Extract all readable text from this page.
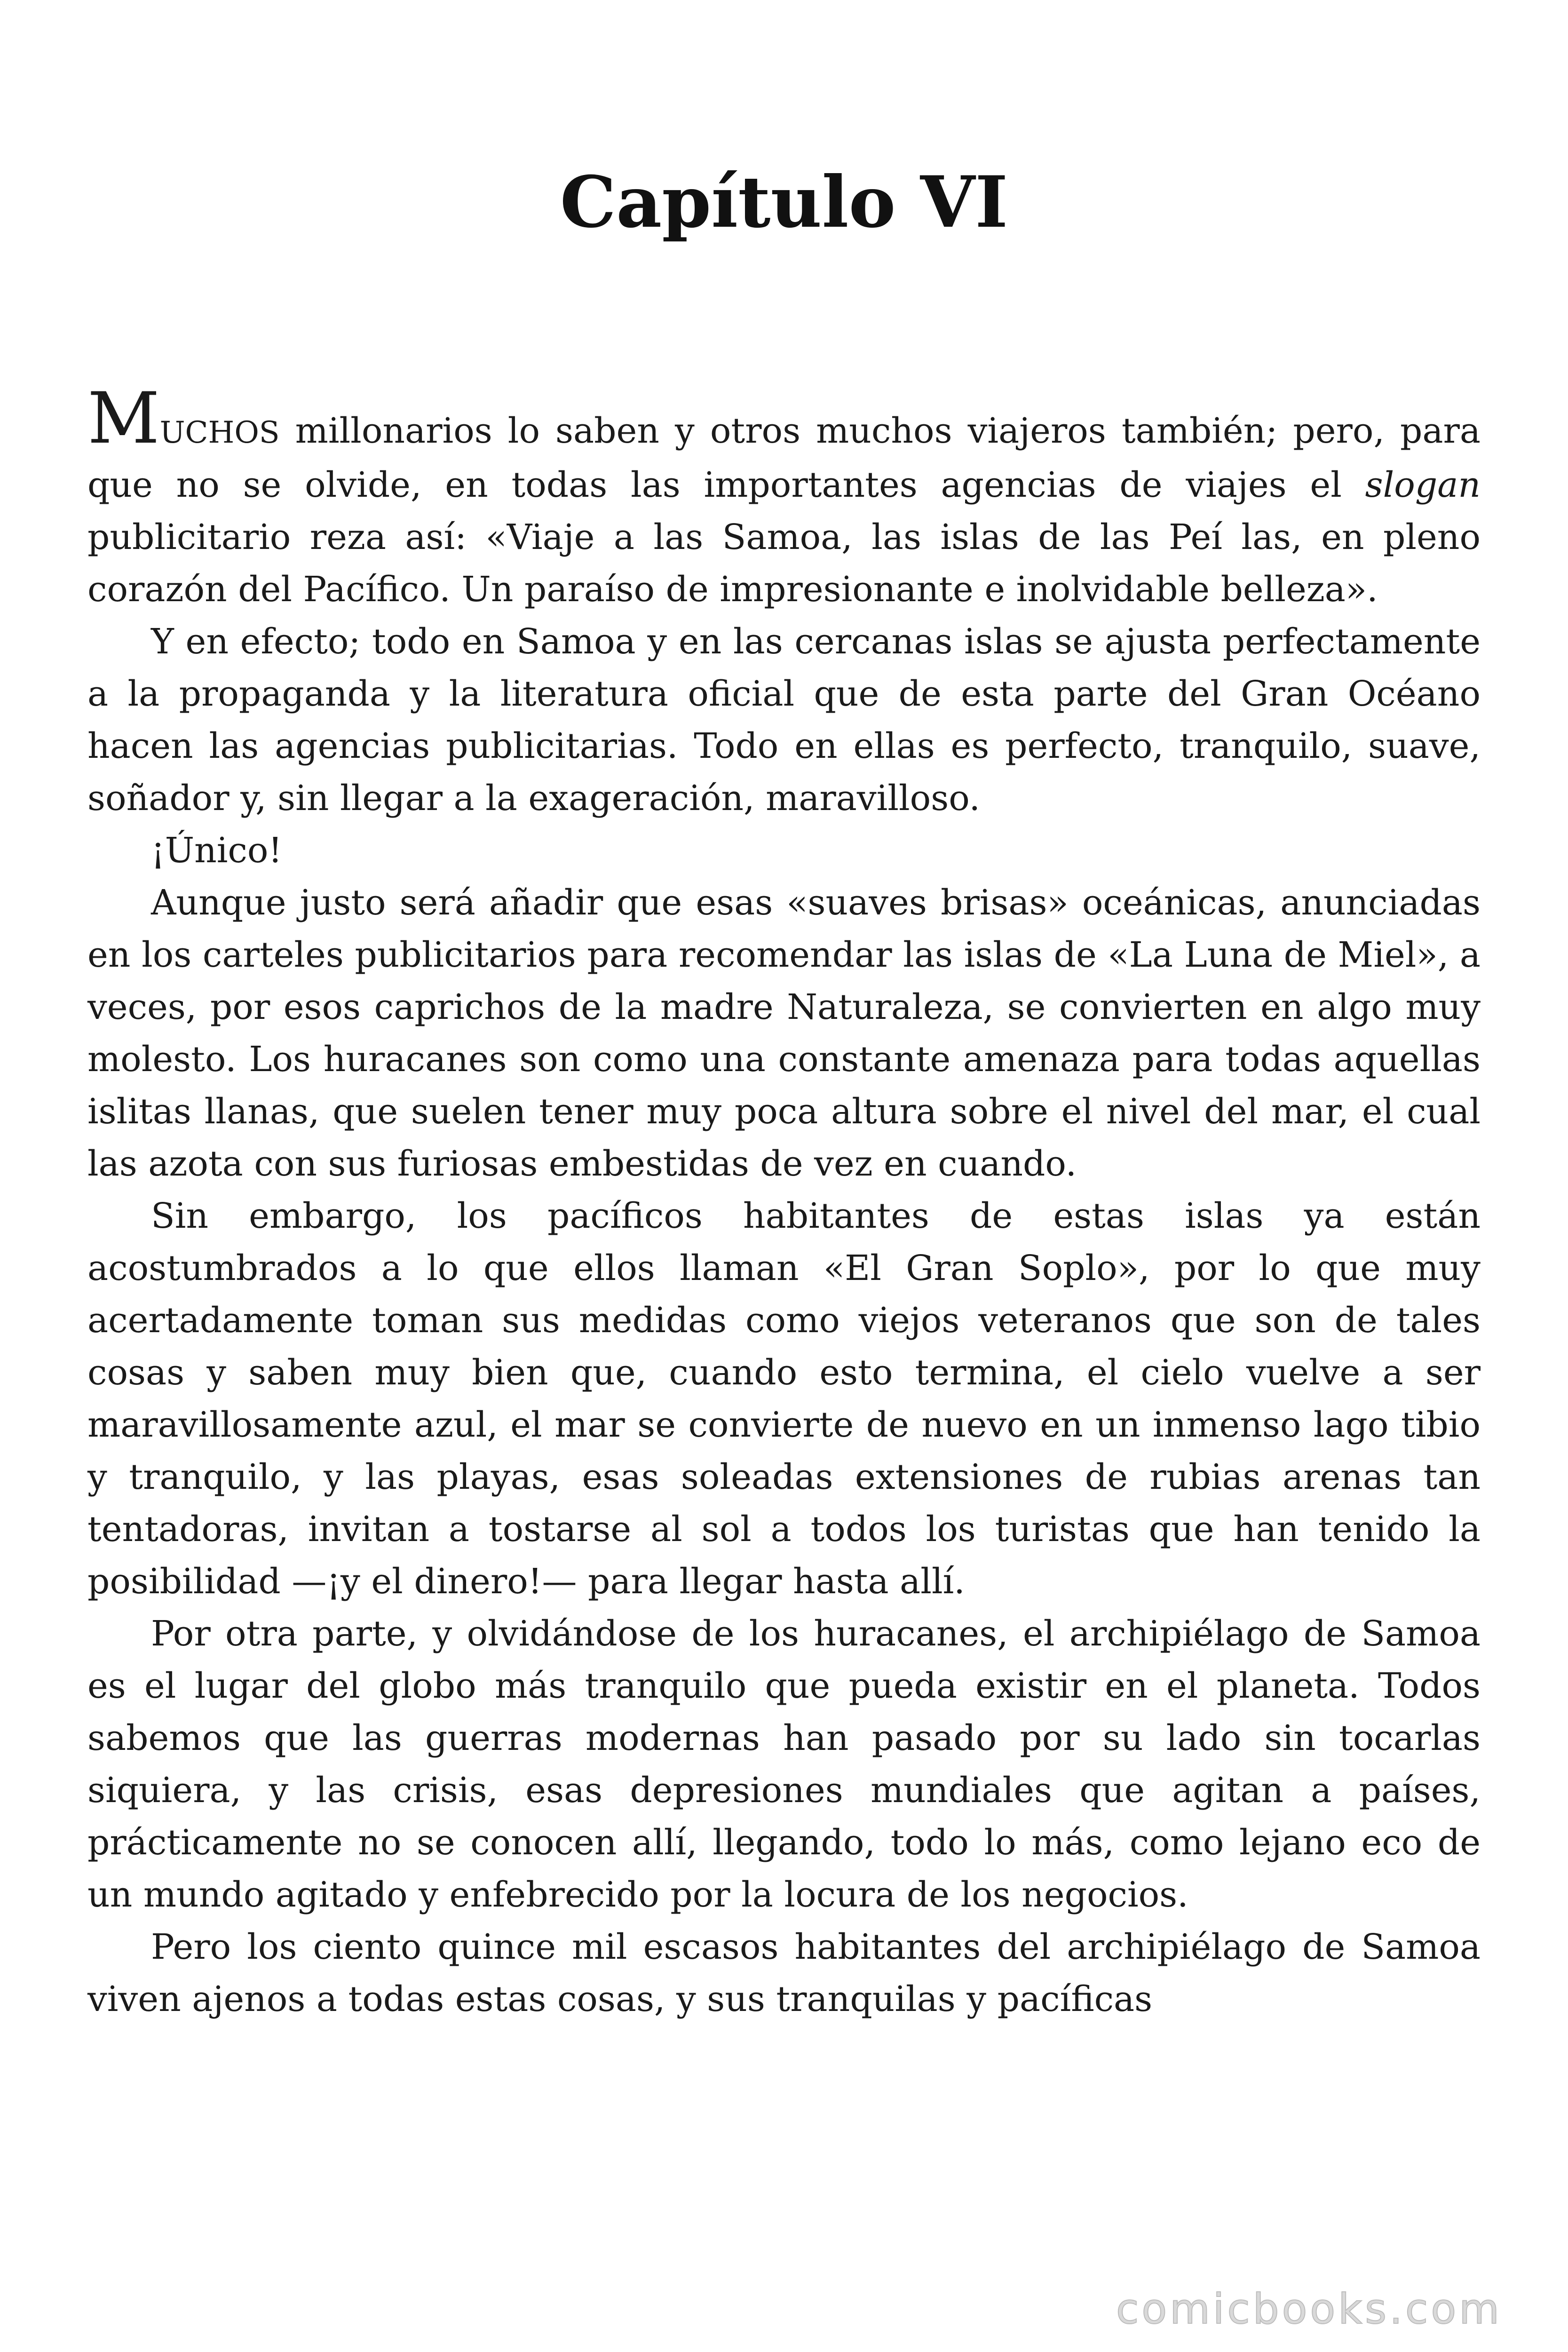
Capítulo VI

MUCHOS millonarios lo saben y otros muchos viajeros también; pero, para que no se olvide, en todas las importantes agencias de viajes el slogan publicitario reza así: «Viaje a las Samoa, las islas de las Peí las, en pleno corazón del Pacífico. Un paraíso de impresionante e inolvidable belleza».

Y en efecto; todo en Samoa y en las cercanas islas se ajusta perfectamente a la propaganda y la literatura oficial que de esta parte del Gran Océano hacen las agencias publicitarias. Todo en ellas es perfecto, tranquilo, suave, soñador y, sin llegar a la exageración, maravilloso.

¡Único!

Aunque justo será añadir que esas «suaves brisas» oceánicas, anunciadas en los carteles publicitarios para recomendar las islas de «La Luna de Miel», a veces, por esos caprichos de la madre Naturaleza, se convierten en algo muy molesto. Los huracanes son como una constante amenaza para todas aquellas islitas llanas, que suelen tener muy poca altura sobre el nivel del mar, el cual las azota con sus furiosas embestidas de vez en cuando.

Sin embargo, los pacíficos habitantes de estas islas ya están acostumbrados a lo que ellos llaman «El Gran Soplo», por lo que muy acertadamente toman sus medidas como viejos veteranos que son de tales cosas y saben muy bien que, cuando esto termina, el cielo vuelve a ser maravillosamente azul, el mar se convierte de nuevo en un inmenso lago tibio y tranquilo, y las playas, esas soleadas extensiones de rubias arenas tan tentadoras, invitan a tostarse al sol a todos los turistas que han tenido la posibilidad —¡y el dinero!— para llegar hasta allí.

Por otra parte, y olvidándose de los huracanes, el archipiélago de Samoa es el lugar del globo más tranquilo que pueda existir en el planeta. Todos sabemos que las guerras modernas han pasado por su lado sin tocarlas siquiera, y las crisis, esas depresiones mundiales que agitan a países, prácticamente no se conocen allí, llegando, todo lo más, como lejano eco de un mundo agitado y enfebrecido por la locura de los negocios.

Pero los ciento quince mil escasos habitantes del archipiélago de Samoa viven ajenos a todas estas cosas, y sus tranquilas y pacíficas

comicbooks.com
